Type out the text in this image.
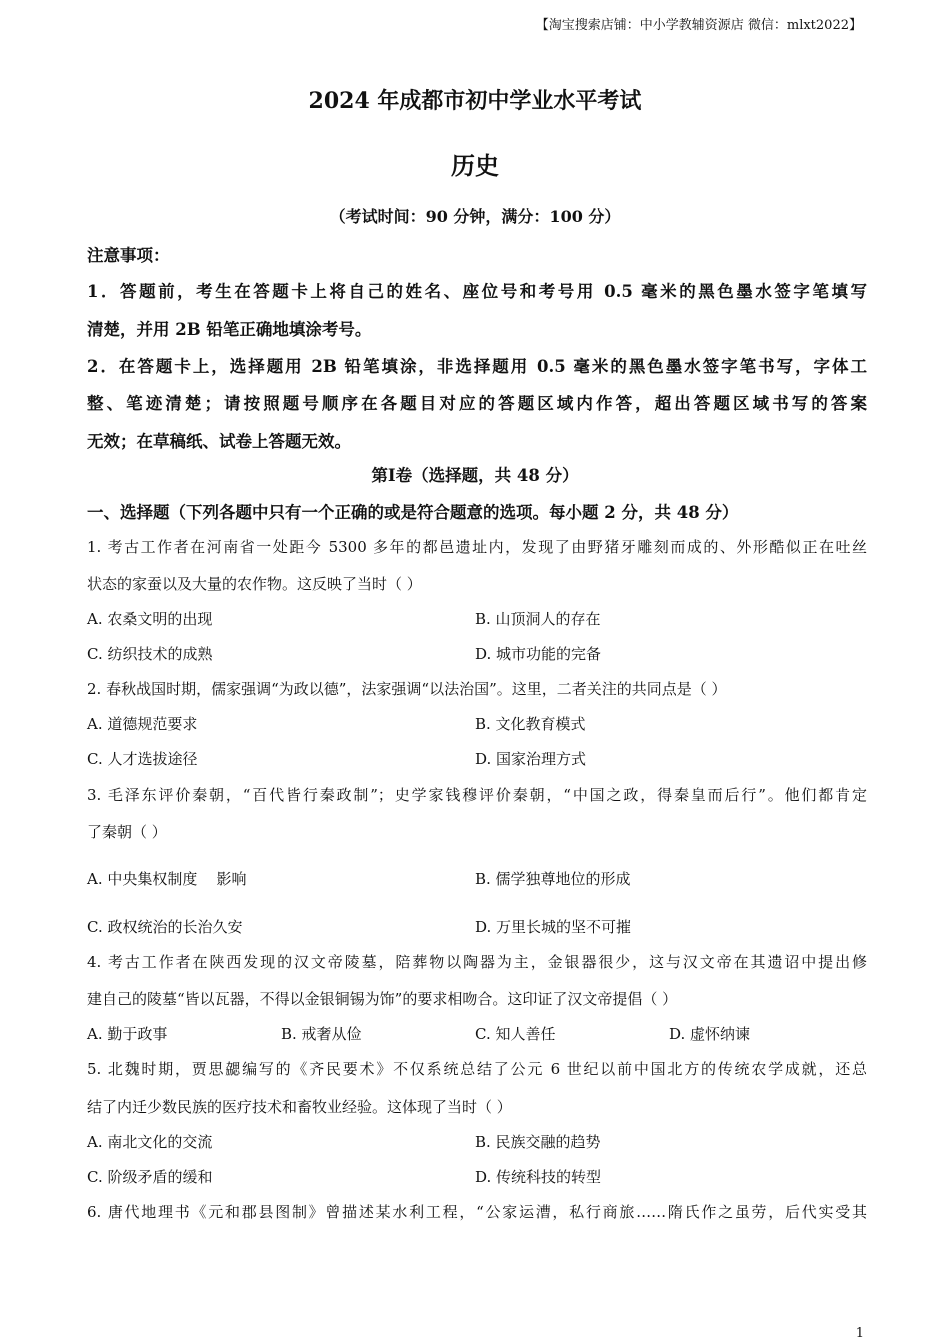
【淘宝搜索店铺：中小学教辅资源店 微信：mlxt2022】
2024 年成都市初中学业水平考试
历史
（考试时间：90 分钟，满分：100 分）
注意事项：
1．答题前，考生在答题卡上将自己的姓名、座位号和考号用 0.5 毫米的黑色墨水签字笔填写
清楚，并用 2B 铅笔正确地填涂考号。
2．在答题卡上，选择题用 2B 铅笔填涂，非选择题用 0.5 毫米的黑色墨水签字笔书写，字体工
整、笔迹清楚；请按照题号顺序在各题目对应的答题区域内作答，超出答题区域书写的答案
无效；在草稿纸、试卷上答题无效。
第Ⅰ卷（选择题，共 48 分）
一、选择题（下列各题中只有一个正确的或是符合题意的选项。每小题 2 分，共 48 分）
1. 考古工作者在河南省一处距今 5300 多年的都邑遗址内，发现了由野猪牙雕刻而成的、外形酷似正在吐丝
状态的家蚕以及大量的农作物。这反映了当时（ ）
A. 农桑文明的出现	B. 山顶洞人的存在
C. 纺织技术的成熟	D. 城市功能的完备
2. 春秋战国时期，儒家强调“为政以德”，法家强调“以法治国”。这里，二者关注的共同点是（ ）
A. 道德规范要求	B. 文化教育模式
C. 人才选拔途径	D. 国家治理方式
3. 毛泽东评价秦朝，“百代皆行秦政制”；史学家钱穆评价秦朝，“中国之政，得秦皇而后行”。他们都肯定
了秦朝（ ）
A. 中央集权制度    影响	B. 儒学独尊地位的形成
C. 政权统治的长治久安	D. 万里长城的坚不可摧
4. 考古工作者在陕西发现的汉文帝陵墓，陪葬物以陶器为主，金银器很少，这与汉文帝在其遗诏中提出修
建自己的陵墓“皆以瓦器，不得以金银铜锡为饰”的要求相吻合。这印证了汉文帝提倡（ ）
A. 勤于政事	B. 戒奢从俭	C. 知人善任	D. 虚怀纳谏
5. 北魏时期，贾思勰编写的《齐民要术》不仅系统总结了公元 6 世纪以前中国北方的传统农学成就，还总
结了内迁少数民族的医疗技术和畜牧业经验。这体现了当时（ ）
A. 南北文化的交流	B. 民族交融的趋势
C. 阶级矛盾的缓和	D. 传统科技的转型
6. 唐代地理书《元和郡县图制》曾描述某水利工程，“公家运漕，私行商旅……隋氏作之虽劳，后代实受其
1
